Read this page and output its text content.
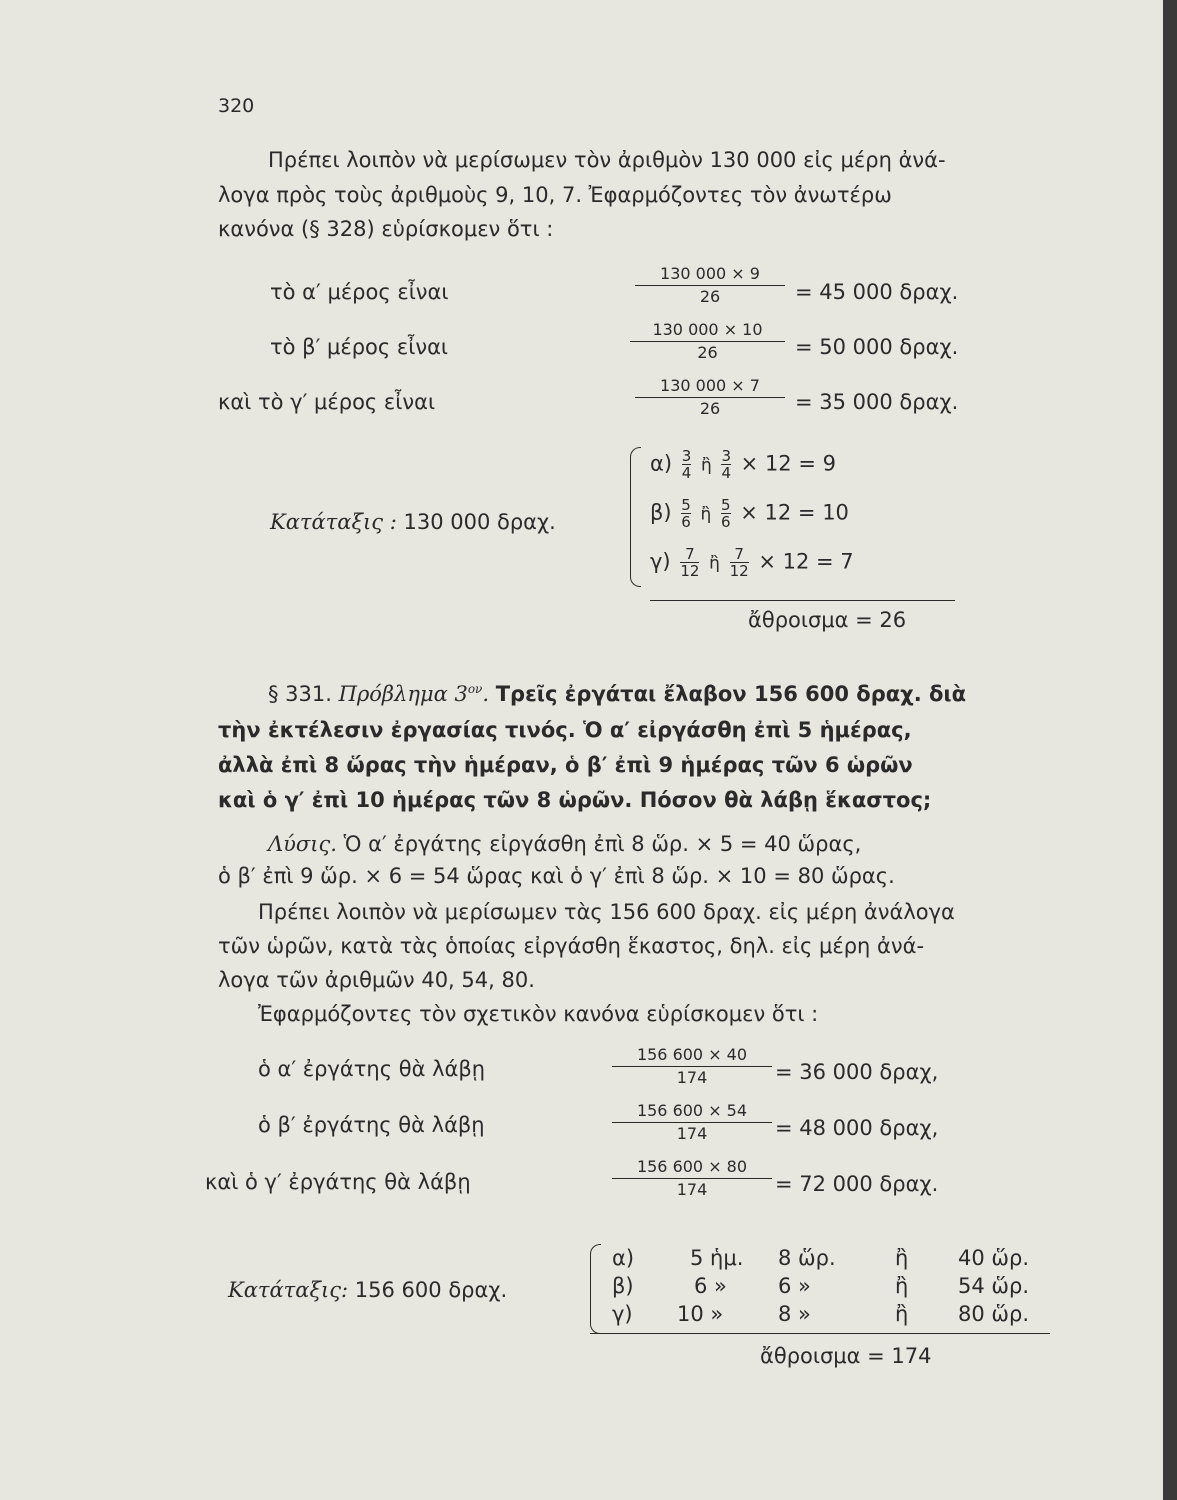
320
Πρέπει λοιπὸν νὰ μερίσωμεν τὸν ἀριθμὸν 130 000 εἰς μέρη ἀνά-
λογα πρὸς τοὺς ἀριθμοὺς 9, 10, 7. Ἐφαρμόζοντες τὸν ἀνωτέρω
κανόνα (§ 328) εὑρίσκομεν ὅτι :
τὸ α′ μέρος εἶναι
130 000 × 9
26	= 45 000 δραχ.
τὸ β′ μέρος εἶναι
130 000 × 10
26	= 50 000 δραχ.
καὶ τὸ γ′ μέρος εἶναι
130 000 × 7
26	= 35 000 δραχ.
Κατάταξις : 130 000 δραχ.
$\alpha) \frac{3}{4}$ ἢ $\frac{3}{4} \times 12 = 9$
$\beta) \frac{5}{6}$ ἢ $\frac{5}{6} \times 12 = 10$
$\gamma) \frac{7}{12}$ ἢ $\frac{7}{12} \times 12 = 7$
ἄθροισμα = 26
§ 331. Πρόβλημα $3^{o\nu}$. Τρεῖς ἐργάται ἔλαβον 156 600 δραχ. διὰ
τὴν ἐκτέλεσιν ἐργασίας τινός. Ὁ α′ εἰργάσθη ἐπὶ 5 ἡμέρας,
ἀλλὰ ἐπὶ 8 ὥρας τὴν ἡμέραν, ὁ β′ ἐπὶ 9 ἡμέρας τῶν 6 ὡρῶν
καὶ ὁ γ′ ἐπὶ 10 ἡμέρας τῶν 8 ὡρῶν. Πόσον θὰ λάβῃ ἕκαστος;
Λύσις. Ὁ α′ ἐργάτης εἰργάσθη ἐπὶ 8 ὥρ. × 5 = 40 ὥρας,
ὁ β′ ἐπὶ 9 ὥρ. × 6 = 54 ὥρας καὶ ὁ γ′ ἐπὶ 8 ὥρ. × 10 = 80 ὥρας.
Πρέπει λοιπὸν νὰ μερίσωμεν τὰς 156 600 δραχ. εἰς μέρη ἀνάλογα
τῶν ὡρῶν, κατὰ τὰς ὁποίας εἰργάσθη ἕκαστος, δηλ. εἰς μέρη ἀνά-
λογα τῶν ἀριθμῶν 40, 54, 80.
Ἐφαρμόζοντες τὸν σχετικὸν κανόνα εὑρίσκομεν ὅτι :
ὁ α′ ἐργάτης θὰ λάβῃ
156 600 × 40
174	= 36 000 δραχ,
ὁ β′ ἐργάτης θὰ λάβῃ
156 600 × 54
174	= 48 000 δραχ,
καὶ ὁ γ′ ἐργάτης θὰ λάβῃ
156 600 × 80
174	= 72 000 δραχ.
Κατάταξις: 156 600 δραχ.
α)	5 ἡμ. 8 ὥρ.	ἢ 40 ὥρ.
β)	6 » 6 »	ἢ 54 ὥρ.
γ) 10 »	8 »	ἢ 80 ὥρ.
ἄθροισμα = 174
